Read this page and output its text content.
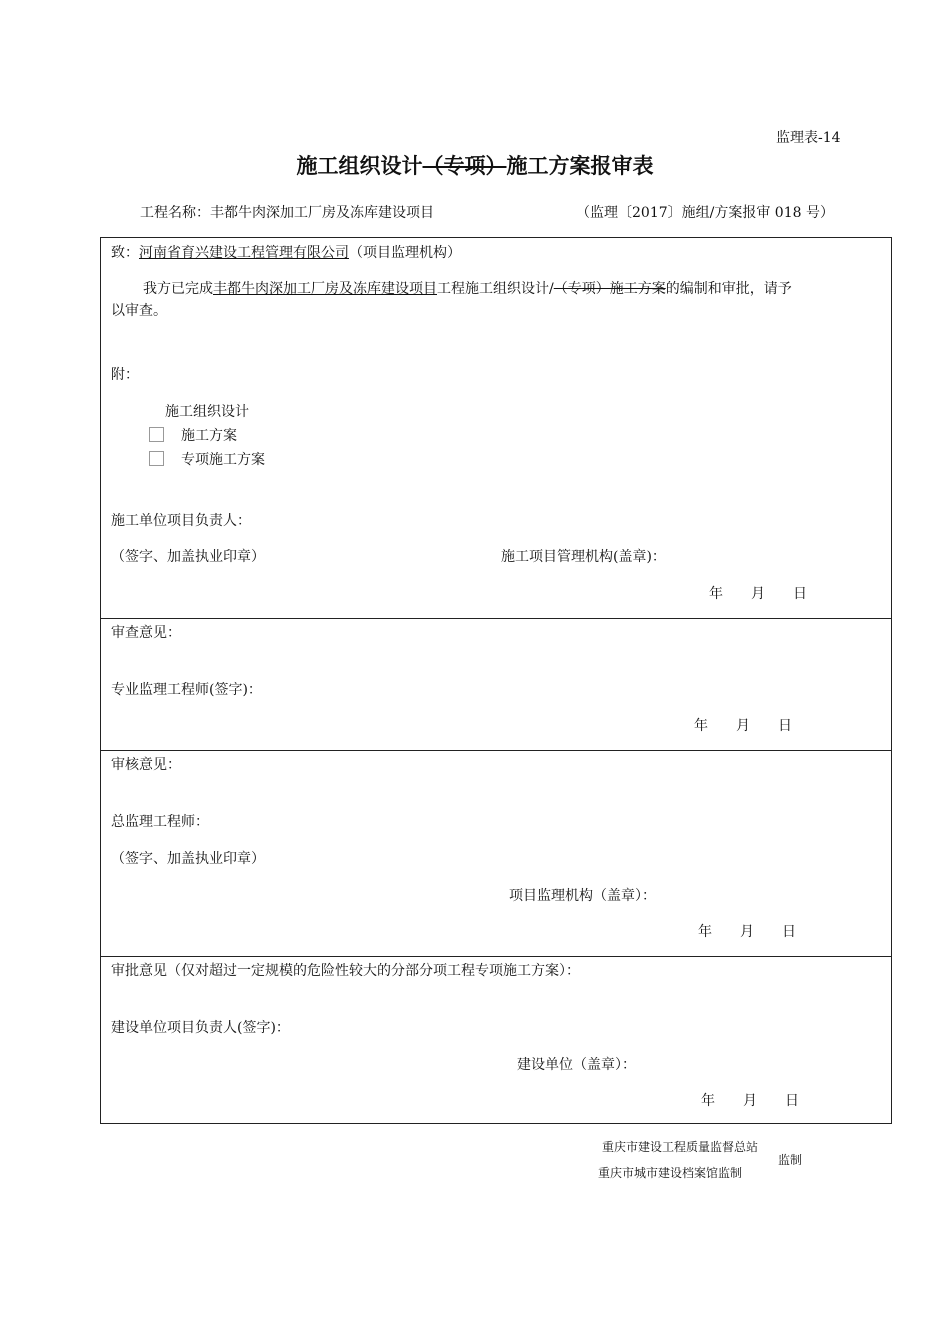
监理表-14
施工组织设计（专项）施工方案报审表
工程名称：丰都牛肉深加工厂房及冻库建设项目	（监理〔2017〕施组/方案报审 018 号）
致：河南省育兴建设工程管理有限公司（项目监理机构）
我方已完成丰都牛肉深加工厂房及冻库建设项目工程施工组织设计/（专项）施工方案的编制和审批，请予
以审查。
附：
施工组织设计
施工方案
专项施工方案
施工单位项目负责人：
（签字、加盖执业印章）	施工项目管理机构(盖章)：
年　　月　　日
审查意见：
专业监理工程师(签字)：
年　　月　　日
审核意见：
总监理工程师：
（签字、加盖执业印章）
项目监理机构（盖章）：
年　　月　　日
审批意见（仅对超过一定规模的危险性较大的分部分项工程专项施工方案）：
建设单位项目负责人(签字)：
建设单位（盖章）：
年　　月　　日
重庆市建设工程质量监督总站
重庆市城市建设档案馆监制
监制
